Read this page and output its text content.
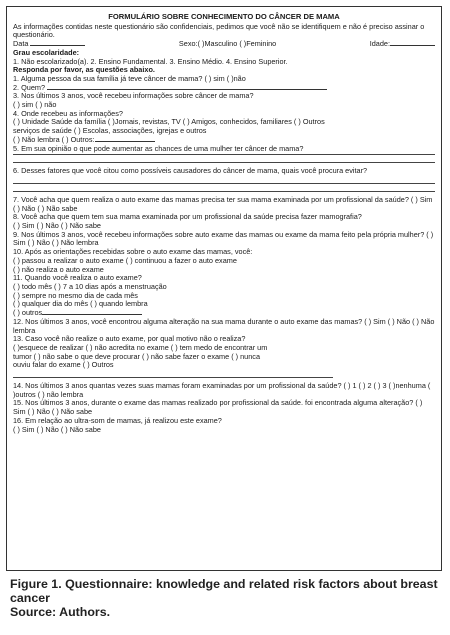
FORMULÁRIO SOBRE CONHECIMENTO DO CÂNCER DE MAMA

As informações contidas neste questionário são confidenciais, pedimos que você não se identifiquem e não é preciso assinar o questionário.

Data	Sexo:( )Masculino ( )Feminino	Idade:
Grau escolaridade:

1. Não escolarizado(a). 2. Ensino Fundamental. 3. Ensino Médio. 4. Ensino Superior.

Responda por favor, as questões abaixo.

1. Alguma pessoa da sua família já teve câncer de mama? ( ) sim ( )não

2. Quem?

3. Nos últimos 3 anos, você recebeu informações sobre câncer de mama?

( ) sim ( ) não

4. Onde recebeu as informações?

( ) Unidade Saúde da família ( )Jornais, revistas, TV ( ) Amigos, conhecidos, familiares ( ) Outros

serviços de saúde ( ) Escolas, associações, igrejas e outros

( ) Não lembra ( ) Outros:

5. Em sua opinião o que pode aumentar as chances de uma mulher ter câncer de mama?

6. Desses fatores que você citou como possíveis causadores do câncer de mama, quais você procura evitar?

7. Você acha que quem realiza o auto exame das mamas precisa ter sua mama examinada por um profissional da saúde? ( ) Sim ( ) Não ( ) Não sabe

8. Você acha que quem tem sua mama examinada por um profissional da saúde precisa fazer mamografia?

( ) Sim ( ) Não ( ) Não sabe

9. Nos últimos 3 anos, você recebeu informações sobre auto exame das mamas ou exame da mama feito pela própria mulher? ( ) Sim ( ) Não ( ) Não lembra

10. Após as orientações recebidas sobre o auto exame das mamas, você:

( ) passou a realizar o auto exame ( ) continuou a fazer o auto exame

( ) não realiza o auto exame

11. Quando você realiza o auto exame?

( ) todo mês ( ) 7 a 10 dias após a menstruação

( ) sempre no mesmo dia de cada mês

( ) qualquer dia do mês ( ) quando lembra

( ) outros

12. Nos últimos 3 anos, você encontrou alguma alteração na sua mama durante o auto exame das mamas? ( ) Sim ( ) Não ( ) Não lembra

13. Caso você não realize o auto exame, por qual motivo não o realiza?

( )esquece de realizar ( ) não acredita no exame ( ) tem medo de encontrar um

tumor ( ) não sabe o que deve procurar ( ) não sabe fazer o exame ( ) nunca

ouviu falar do exame ( ) Outros

14. Nos últimos 3 anos quantas vezes suas mamas foram examinadas por um profissional da saúde? ( ) 1 ( ) 2 ( ) 3 ( )nenhuma ( )outros ( ) não lembra

15. Nos últimos 3 anos, durante o exame das mamas realizado por profissional da saúde. foi encontrada alguma alteração? ( ) Sim ( ) Não ( ) Não sabe

16. Em relação ao ultra-som de mamas, já realizou este exame?

( ) Sim ( ) Não ( ) Não sabe

Figure 1. Questionnaire: knowledge and related risk factors about breast cancer
Source: Authors.
